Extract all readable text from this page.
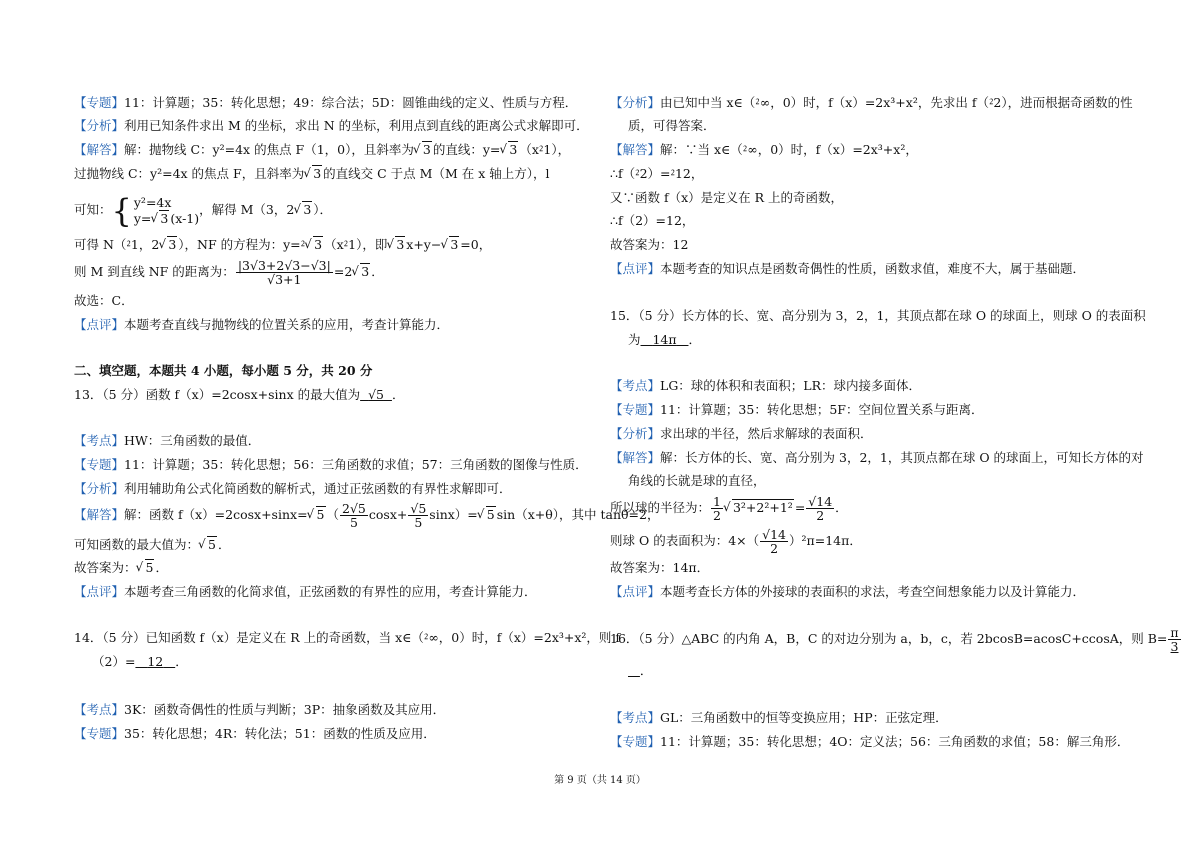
【专题】11：计算题；35：转化思想；49：综合法；5D：圆锥曲线的定义、性质与方程．
【分析】利用已知条件求出 M 的坐标，求出 N 的坐标，利用点到直线的距离公式求解即可．
【解答】解：抛物线 C：y²=4x 的焦点 F（1，0），且斜率为√ 3 的直线：y=√ 3 （x⁲1），
过抛物线 C：y²=4x 的焦点 F，且斜率为√ 3 的直线交 C 于点 M（M 在 x 轴上方），l
可知：{ y²=4x
y=√ 3 (x-1)
，解得 M（3，2√ 3 ）．
可得 N（⁲1，2√ 3 ），NF 的方程为：y=⁲√ 3 （x⁲1），即√ 3 x+y−√ 3 =0，
则 M 到直线 NF 的距离为： $\frac{|3√3+2√3-√3|}{√3+1} =2√$ 3 ．
故选：C．
【点评】本题考查直线与抛物线的位置关系的应用，考查计算能力．
二、填空题，本题共 4 小题，每小题 5 分，共 20 分
13．（5 分）函数 f（x）=2cosx+sinx 的最大值为 √5 ．
【考点】HW：三角函数的最值．
【专题】11：计算题；35：转化思想；56：三角函数的求值；57：三角函数的图像与性质．
【分析】利用辅助角公式化简函数的解析式，通过正弦函数的有界性求解即可．
【解答】解：函数 f（x）=2cosx+sinx=√ 5 （ $\frac{2√5}{5} \cos x+ \frac{√5}{5} \sin x)=√$ 5 sin（x+θ），其中 tanθ=2，
可知函数的最大值为：√ 5 ．
故答案为：√ 5 ．
【点评】本题考查三角函数的化简求值，正弦函数的有界性的应用，考查计算能力．
14．（5 分）已知函数 f（x）是定义在 R 上的奇函数，当 x∈（⁲∞，0）时，f（x）=2x³+x²，则 f
（2）= 12 ．
【考点】3K：函数奇偶性的性质与判断；3P：抽象函数及其应用．
【专题】35：转化思想；4R：转化法；51：函数的性质及应用．
【分析】由已知中当 x∈（⁲∞，0）时，f（x）=2x³+x²，先求出 f（⁲2），进而根据奇函数的性
质，可得答案．
【解答】解：∵当 x∈（⁲∞，0）时，f（x）=2x³+x²，
∴f（⁲2）=⁲12，
又∵函数 f（x）是定义在 R 上的奇函数，
∴f（2）=12，
故答案为：12
【点评】本题考查的知识点是函数奇偶性的性质，函数求值，难度不大，属于基础题．
15．（5 分）长方体的长、宽、高分别为 3，2，1，其顶点都在球 O 的球面上，则球 O 的表面积
为 14π ．
【考点】LG：球的体积和表面积；LR：球内接多面体．
【专题】11：计算题；35：转化思想；5F：空间位置关系与距离．
【分析】求出球的半径，然后求解球的表面积．
【解答】解：长方体的长、宽、高分别为 3，2，1，其顶点都在球 O 的球面上，可知长方体的对
角线的长就是球的直径，
所以球的半径为： $\frac{1}{2}$
√ $3^2+2^2+1^2 = \frac{√14}{2}$ ．
则球 O 的表面积为：$4\times( \frac{√14}{2} )^2\pi=14\pi$．
故答案为：14π．
【点评】本题考查长方体的外接球的表面积的求法，考查空间想象能力以及计算能力．
16．（5 分）△ABC 的内角 A，B，C 的对边分别为 a，b，c，若 2bcosB=acosC+ccosA，则 $B= \frac{\pi}{3}$
．
【考点】GL：三角函数中的恒等变换应用；HP：正弦定理．
【专题】11：计算题；35：转化思想；4O：定义法；56：三角函数的求值；58：解三角形．
第 9 页（共 14 页）
